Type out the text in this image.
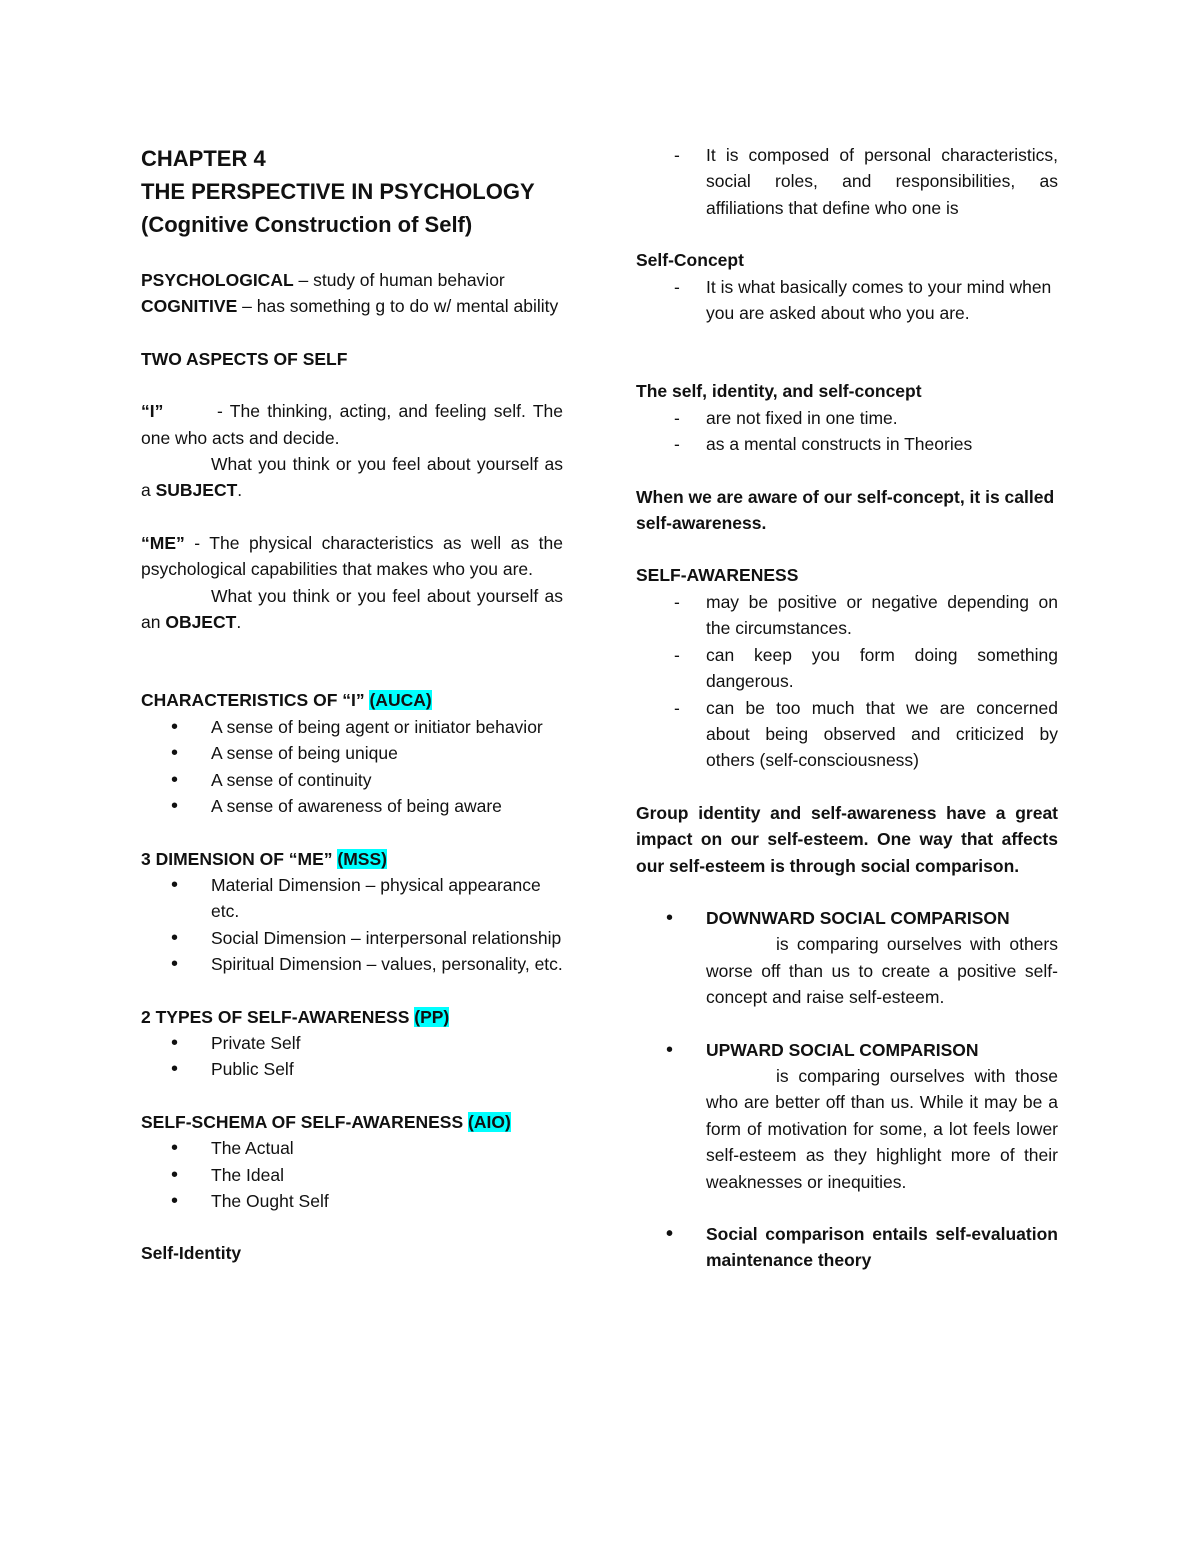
CHAPTER 4

THE PERSPECTIVE IN PSYCHOLOGY

(Cognitive Construction of Self)

PSYCHOLOGICAL – study of human behavior

COGNITIVE – has something g to do w/ mental ability

TWO ASPECTS OF SELF

“I”	- The thinking, acting, and feeling self. The one who acts and decide.

What you think or you feel about yourself as a SUBJECT.

“ME” - The physical characteristics as well as the psychological capabilities that makes who you are.

What you think or you feel about yourself as an OBJECT.

CHARACTERISTICS OF “I” (AUCA)

• A sense of being agent or initiator behavior
• A sense of being unique
• A sense of continuity
• A sense of awareness of being aware

3 DIMENSION OF “ME” (MSS)

• Material Dimension – physical appearance etc.
• Social Dimension – interpersonal relationship
• Spiritual Dimension – values, personality, etc.

2 TYPES OF SELF-AWARENESS (PP)

• Private Self
• Public Self

SELF-SCHEMA OF SELF-AWARENESS (AIO)

• The Actual
• The Ideal
• The Ought Self

Self-Identity

- It is composed of personal characteristics, social roles, and responsibilities, as affiliations that define who one is

Self-Concept

- It is what basically comes to your mind when you are asked about who you are.

The self, identity, and self-concept

- are not fixed in one time.
- as a mental constructs in Theories

When we are aware of our self-concept, it is called self-awareness.

SELF-AWARENESS

- may be positive or negative depending on the circumstances.
- can keep you form doing something dangerous.
- can be too much that we are concerned about being observed and criticized by others (self-consciousness)

Group identity and self-awareness have a great impact on our self-esteem. One way that affects our self-esteem is through social comparison.

• DOWNWARD SOCIAL COMPARISON

is comparing ourselves with others worse off than us to create a positive self-concept and raise self-esteem.
• UPWARD SOCIAL COMPARISON

is comparing ourselves with those who are better off than us. While it may be a form of motivation for some, a lot feels lower self-esteem as they highlight more of their weaknesses or inequities.
• Social comparison entails self-evaluation maintenance theory
